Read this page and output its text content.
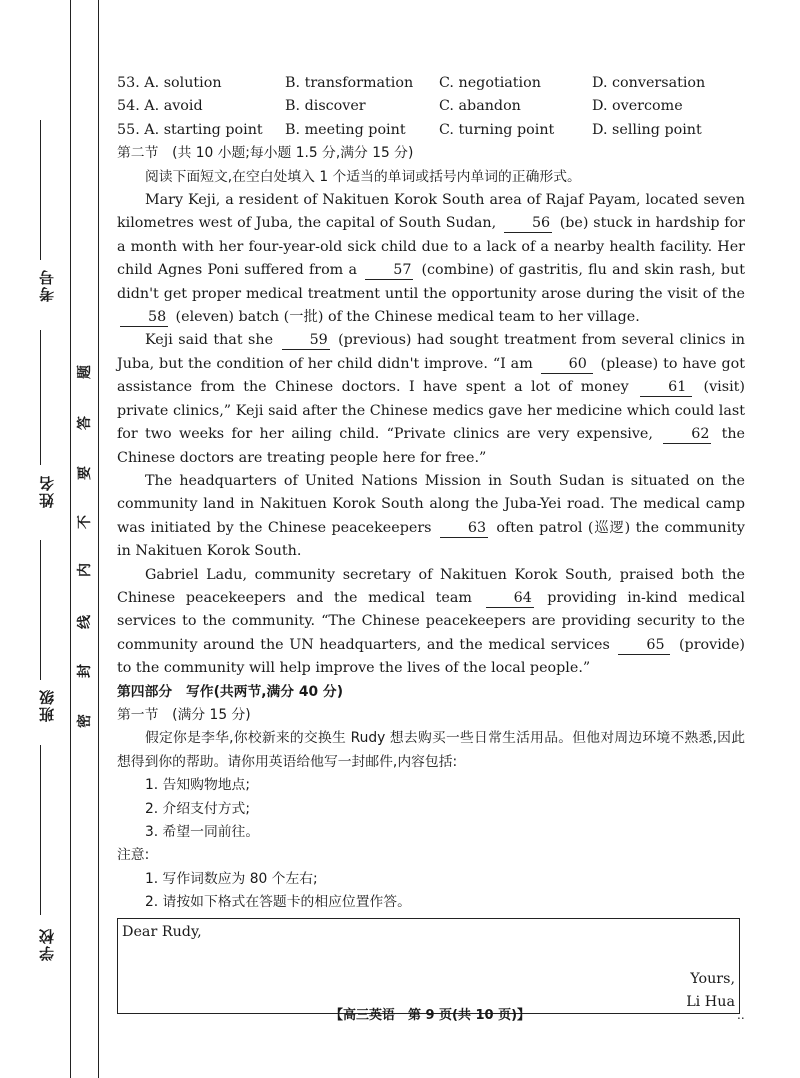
考号
姓名
班级
学校
题
答
要
不
内
线
封
密
53. A. solution	B. transformation	C. negotiation	D. conversation
54. A. avoid	B. discover	C. abandon	D. overcome
55. A. starting point	B. meeting point	C. turning point	D. selling point
第二节　(共 10 小题;每小题 1.5 分,满分 15 分)
阅读下面短文,在空白处填入 1 个适当的单词或括号内单词的正确形式。
Mary Keji, a resident of Nakituen Korok South area of Rajaf Payam, located seven kilometres west of Juba, the capital of South Sudan,	56 (be) stuck in hardship for a month with her four-year-old sick child due to a lack of a nearby health facility. Her child Agnes Poni suffered from a	57 (combine) of gastritis, flu and skin rash, but didn't get proper medical treatment until the opportunity arose during the visit of the 58 (eleven) batch (一批) of the Chinese medical team to her village.
Keji said that she	59 (previous) had sought treatment from several clinics in Juba, but the condition of her child didn't improve. “I am	60 (please) to have got assistance from the Chinese doctors. I have spent a lot of money	61 (visit) private clinics,” Keji said after the Chinese medics gave her medicine which could last for two weeks for her ailing child. “Private clinics are very expensive,	62 the Chinese doctors are treating people here for free.”
The headquarters of United Nations Mission in South Sudan is situated on the community land in Nakituen Korok South along the Juba-Yei road. The medical camp was initiated by the Chinese peacekeepers	63 often patrol (巡逻) the community in Nakituen Korok South.
Gabriel Ladu, community secretary of Nakituen Korok South, praised both the Chinese peacekeepers and the medical team	64 providing in-kind medical services to the community. “The Chinese peacekeepers are providing security to the community around the UN headquarters, and the medical services	65 (provide) to the community will help improve the lives of the local people.”
第四部分　写作(共两节,满分 40 分)
第一节　(满分 15 分)
假定你是李华,你校新来的交换生 Rudy 想去购买一些日常生活用品。但他对周边环境不熟悉,因此想得到你的帮助。请你用英语给他写一封邮件,内容包括:
1. 告知购物地点;
2. 介绍支付方式;
3. 希望一同前往。
注意:
1. 写作词数应为 80 个左右;
2. 请按如下格式在答题卡的相应位置作答。
Dear Rudy,
Yours,
Li Hua
【高三英语　第 9 页(共 10 页)】	..
